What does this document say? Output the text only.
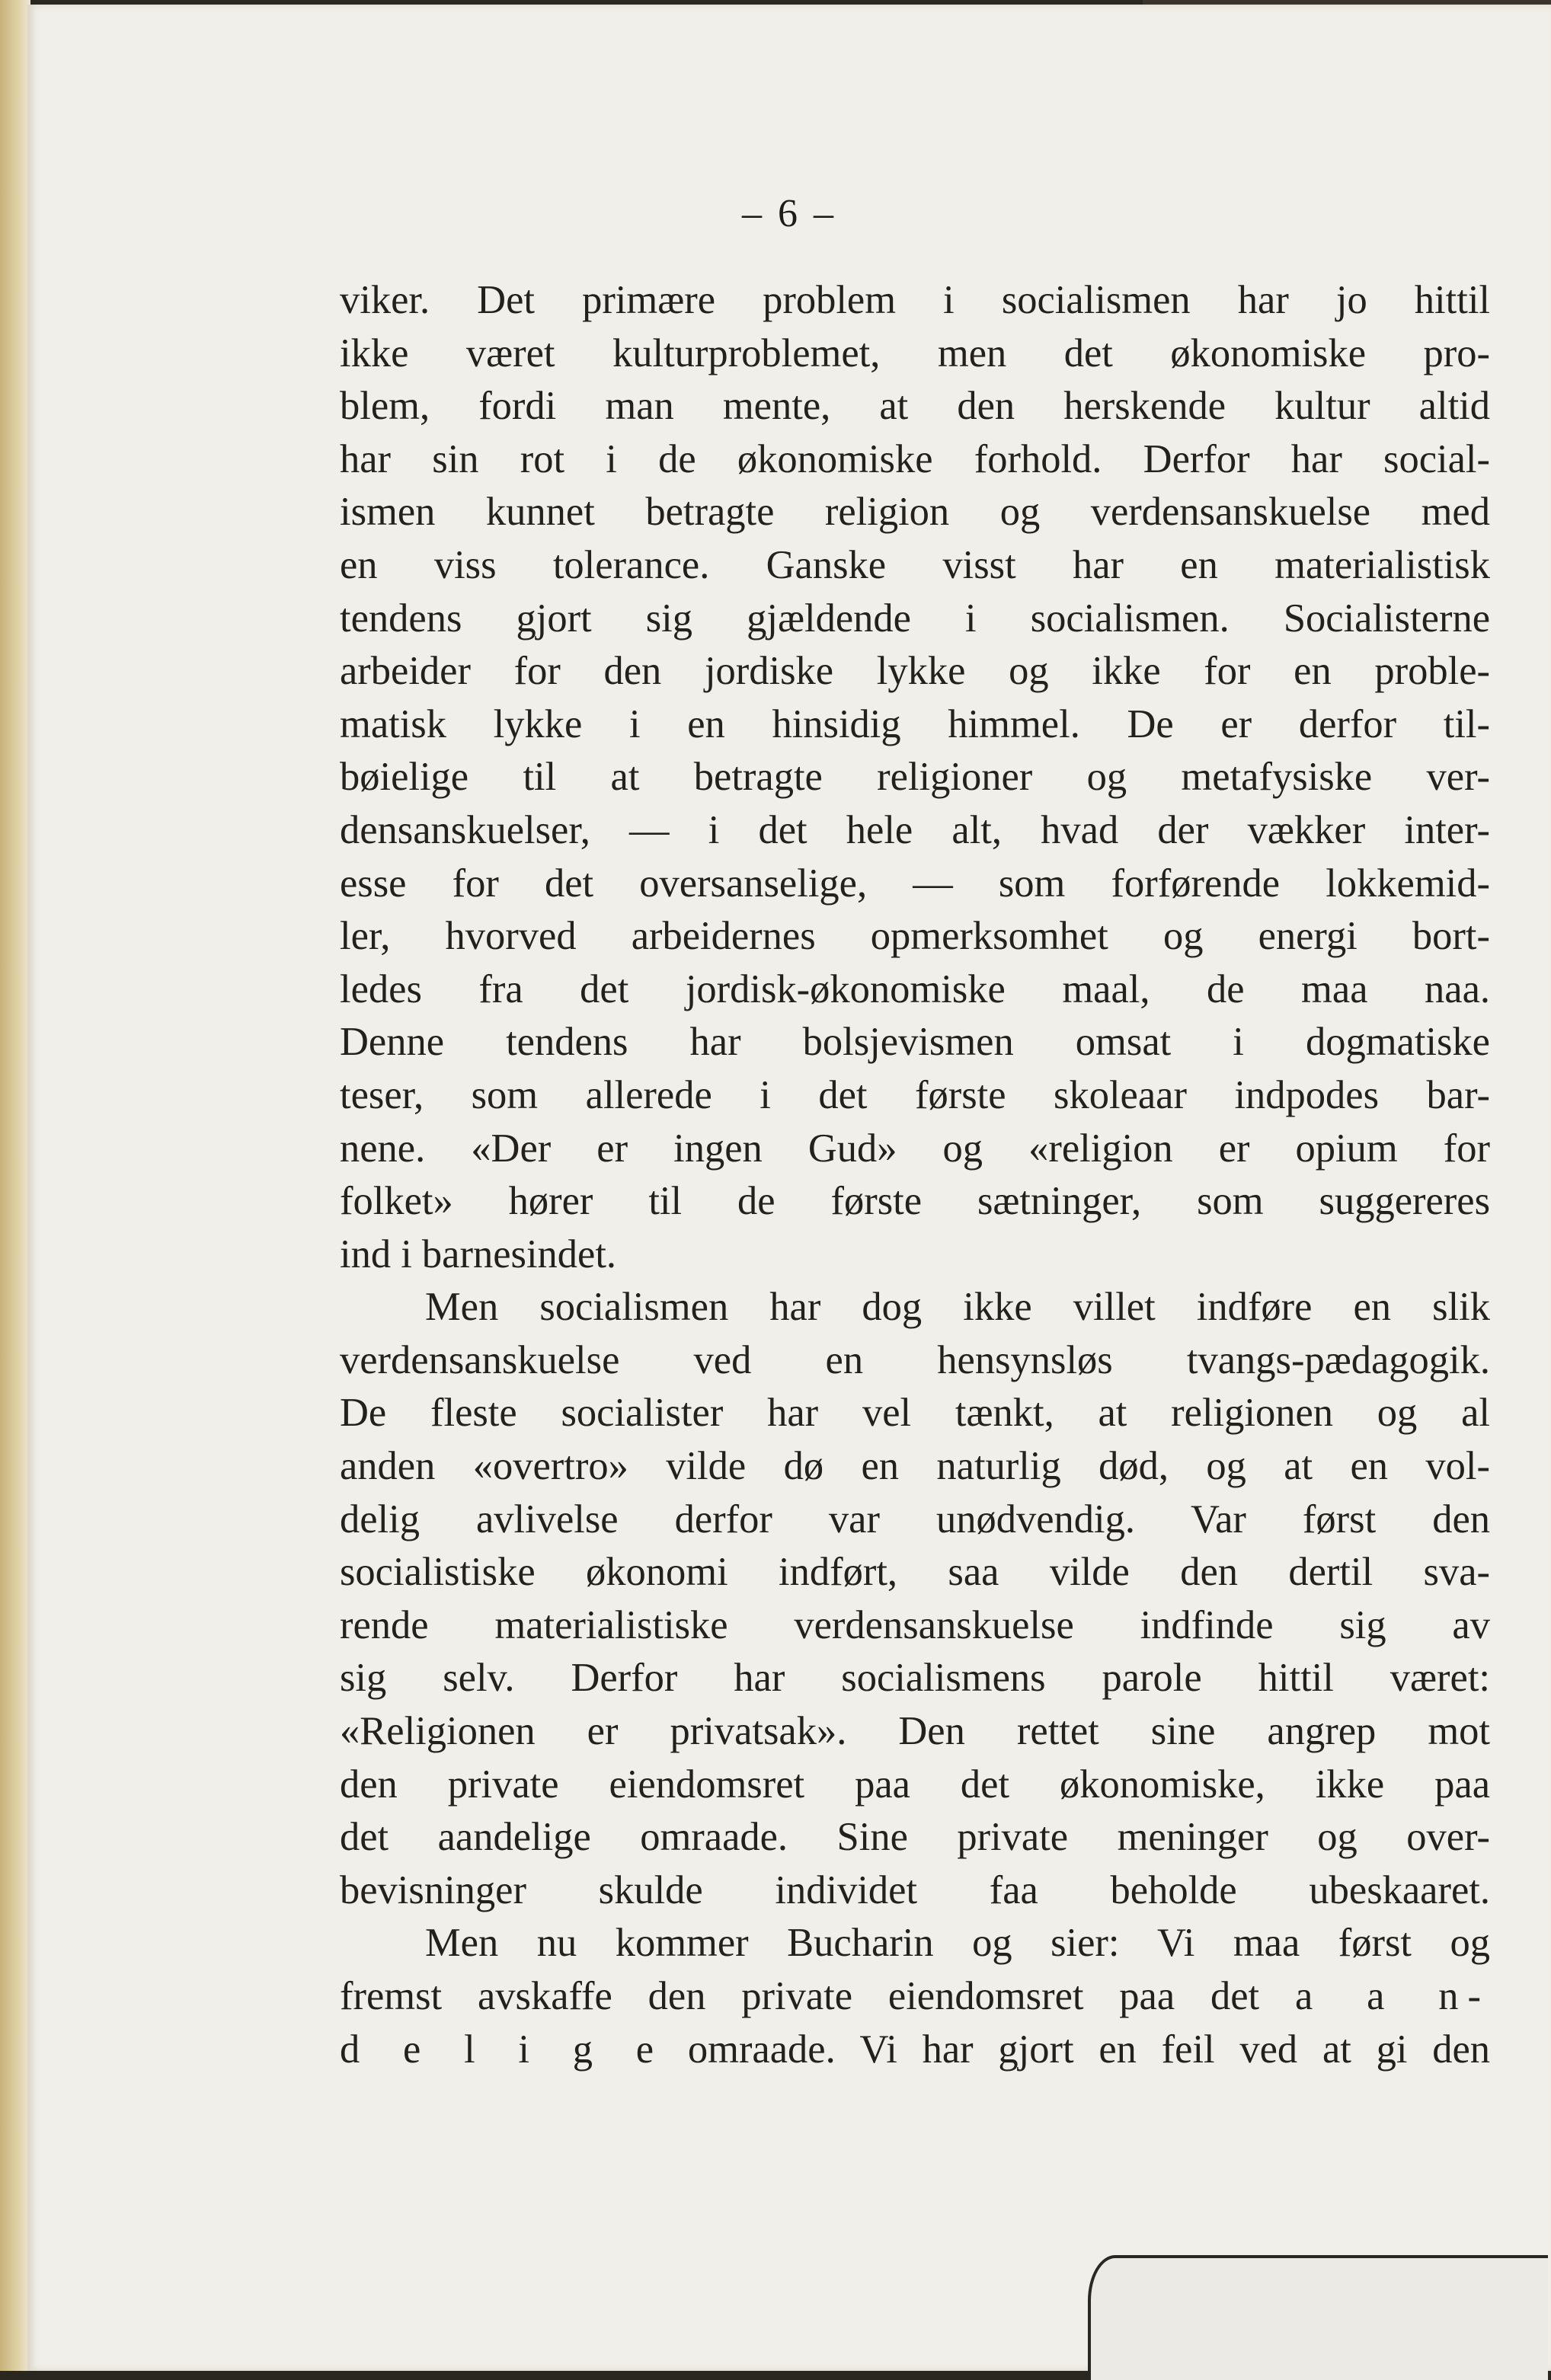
– 6 –
viker. Det primære problem i socialismen har jo hittil
ikke været kulturproblemet, men det økonomiske pro-
blem, fordi man mente, at den herskende kultur altid
har sin rot i de økonomiske forhold. Derfor har social-
ismen kunnet betragte religion og verdensanskuelse med
en viss tolerance. Ganske visst har en materialistisk
tendens gjort sig gjældende i socialismen. Socialisterne
arbeider for den jordiske lykke og ikke for en proble-
matisk lykke i en hinsidig himmel. De er derfor til-
bøielige til at betragte religioner og metafysiske ver-
densanskuelser, — i det hele alt, hvad der vækker inter-
esse for det oversanselige, — som forførende lokkemid-
ler, hvorved arbeidernes opmerksomhet og energi bort-
ledes fra det jordisk-økonomiske maal, de maa naa.
Denne tendens har bolsjevismen omsat i dogmatiske
teser, som allerede i det første skoleaar indpodes bar-
nene. «Der er ingen Gud» og «religion er opium for
folket» hører til de første sætninger, som suggereres
ind i barnesindet.
Men socialismen har dog ikke villet indføre en slik
verdensanskuelse ved en hensynsløs tvangs-pædagogik.
De fleste socialister har vel tænkt, at religionen og al
anden «overtro» vilde dø en naturlig død, og at en vol-
delig avlivelse derfor var unødvendig. Var først den
socialistiske økonomi indført, saa vilde den dertil sva-
rende materialistiske verdensanskuelse indfinde sig av
sig selv. Derfor har socialismens parole hittil været:
«Religionen er privatsak». Den rettet sine angrep mot
den private eiendomsret paa det økonomiske, ikke paa
det aandelige omraade. Sine private meninger og over-
bevisninger skulde individet faa beholde ubeskaaret.
Men nu kommer Bucharin og sier: Vi maa først og
fremst avskaffe den private eiendomsret paa det a a n-
d e l i g e omraade. Vi har gjort en feil ved at gi den
